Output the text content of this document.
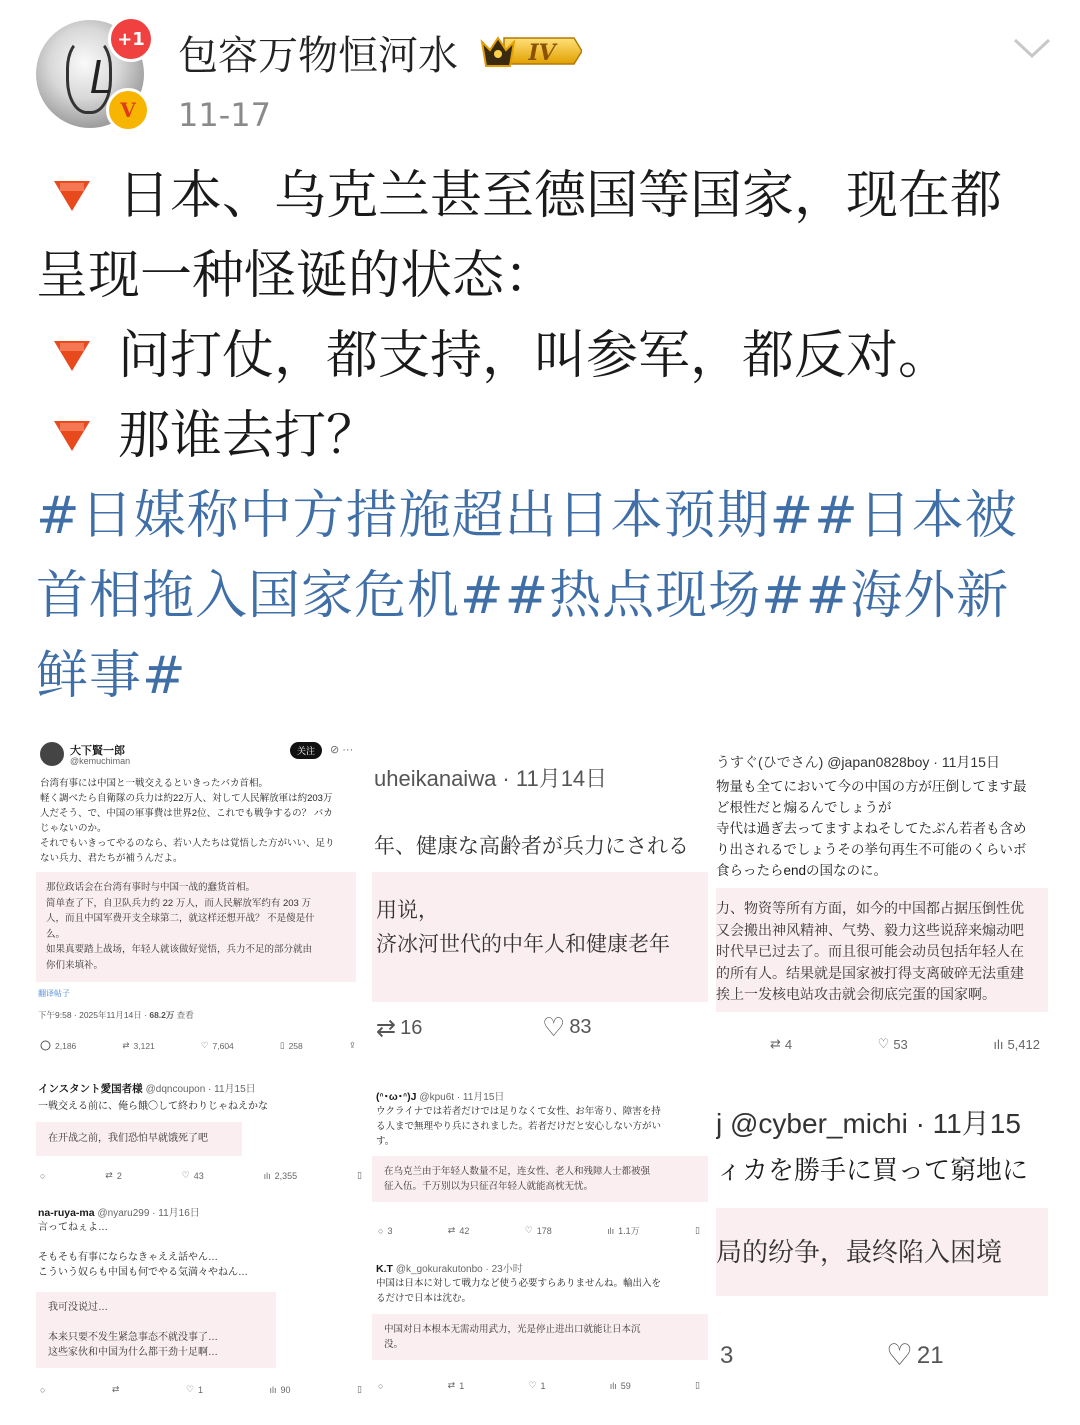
+1
V
包容万物恒河水	IV
11-17
日本、乌克兰甚至德国等国家，现在都
呈现一种怪诞的状态：
问打仗，都支持，叫参军，都反对。
那谁去打？
#日媒称中方措施超出日本预期##日本被
首相拖入国家危机##热点现场##海外新
鲜事#
大下賢一郎
@kemuchiman
关注	⊘ ···
台湾有事には中国と一戦交えるといきったバカ首相。
軽く調べたら自衛隊の兵力は約22万人、対して人民解放軍は約203万
人だそう、で、中国の軍事費は世界2位、これでも戦争するの？ バカ
じゃないのか。
それでもいきってやるのなら、若い人たちは覚悟した方がいい、足り
ない兵力、君たちが補うんだよ。
那位政话会在台湾有事时与中国一战的蠢货首相。
简单查了下，自卫队兵力约 22 万人，而人民解放军约有 203 万
人，而且中国军费开支全球第二，就这样还想开战？ 不是傻是什
么。
如果真要踏上战场，年轻人就该做好觉悟，兵力不足的部分就由
你们来填补。
翻译帖子
下午9:58 · 2025年11月14日 · 68.2万 查看
2,186	⇄ 3,121	♡ 7,604	▯ 258	⇪
uheikanaiwa · 11月14日
年、健康な高齢者が兵力にされる
用说，
济冰河世代的中年人和健康老年
⇄ 16	♡ 83
うすぐ(ひでさん) @japan0828boy · 11月15日
物量も全てにおいて今の中国の方が圧倒してます最
ど根性だと煽るんでしょうが
寺代は過ぎ去ってますよねそしてたぶん若者も含め
り出されるでしょうその挙句再生不可能のくらいボ
食らったらendの国なのに。
力、物资等所有方面，如今的中国都占据压倒性优
又会搬出神风精神、气势、毅力这些说辞来煽动吧
时代早已过去了。而且很可能会动员包括年轻人在
的所有人。结果就是国家被打得支离破碎无法重建
挨上一发核电站攻击就会彻底完蛋的国家啊。
⇄ 4	♡ 53	ılı 5,412
インスタント愛国者様 @dqncoupon · 11月15日
一戦交える前に、俺ら餓〇して終わりじゃねえかな
在开战之前，我们恐怕早就饿死了吧
○	⇄ 2	♡ 43	ılı 2,355	▯
(ᐢ･ω･ᐢ)J @kpu6t · 11月15日
ウクライナでは若者だけでは足りなくて女性、お年寄り、障害を持
る人まで無理やり兵にされました。若者だけだと安心しない方がい
す。
在乌克兰由于年轻人数量不足，连女性、老人和残障人士都被强
征入伍。千万别以为只征召年轻人就能高枕无忧。
○ 3	⇄ 42	♡ 178	ılı 1.1万	▯
j @cyber_michi · 11月15
ィカを勝手に買って窮地に
局的纷争，最终陷入困境
3	♡ 21
na-ruya-ma @nyaru299 · 11月16日
言ってねぇよ…
そもそも有事にならなきゃええ話やん…
こういう奴らも中国も何でやる気満々やねん…
我可没说过…
本来只要不发生紧急事态不就没事了…
这些家伙和中国为什么都干劲十足啊…
○	⇄	♡ 1	ılı 90	▯
K.T @k_gokurakutonbo · 23小时
中国は日本に対して戦力など使う必要すらありませんね。輸出入を
るだけで日本は沈む。
中国对日本根本无需动用武力，光是停止进出口就能让日本沉
没。
○	⇄ 1	♡ 1	ılı 59	▯
